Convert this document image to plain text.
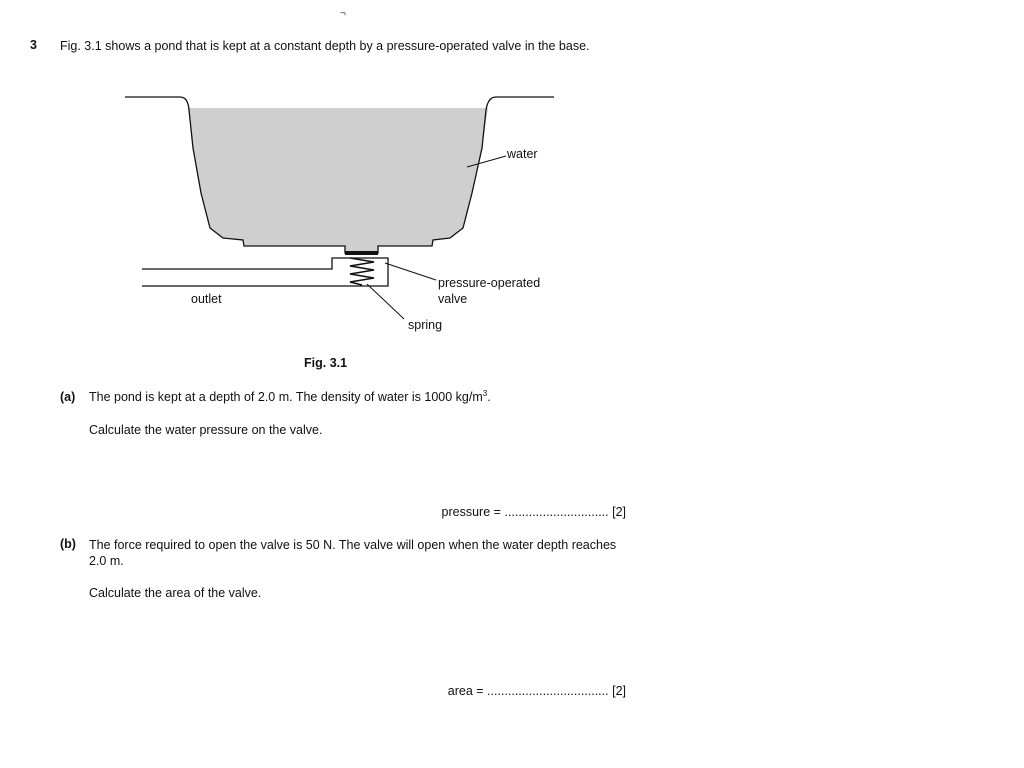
¬
3 Fig. 3.1 shows a pond that is kept at a constant depth by a pressure-operated valve in the base.
water
pressure-operated
valve
spring
outlet
Fig. 3.1
(a) The pond is kept at a depth of 2.0 m. The density of water is 1000 $kg/m^3$.
Calculate the water pressure on the valve.
pressure = .............................. [2]
(b) The force required to open the valve is 50 N. The valve will open when the water depth reaches 2.0 m.
Calculate the area of the valve.
area = ................................... [2]
